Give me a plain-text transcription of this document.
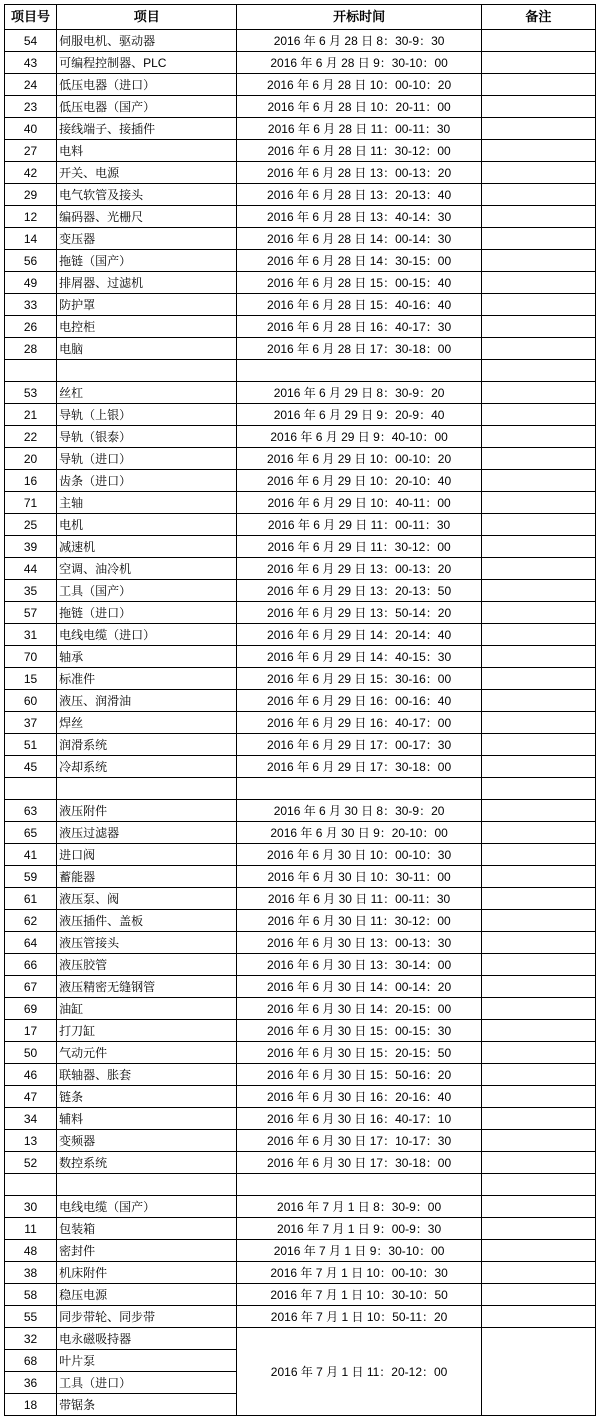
项目号	项目	开标时间	备注
54	伺服电机、驱动器	2016 年 6 月 28 日 8：30-9：30	
43	可编程控制器、PLC	2016 年 6 月 28 日 9：30-10：00	
24	低压电器（进口）	2016 年 6 月 28 日 10：00-10：20	
23	低压电器（国产）	2016 年 6 月 28 日 10：20-11：00	
40	接线端子、接插件	2016 年 6 月 28 日 11：00-11：30	
27	电料	2016 年 6 月 28 日 11：30-12：00	
42	开关、电源	2016 年 6 月 28 日 13：00-13：20	
29	电气软管及接头	2016 年 6 月 28 日 13：20-13：40	
12	编码器、光栅尺	2016 年 6 月 28 日 13：40-14：30	
14	变压器	2016 年 6 月 28 日 14：00-14：30	
56	拖链（国产）	2016 年 6 月 28 日 14：30-15：00	
49	排屑器、过滤机	2016 年 6 月 28 日 15：00-15：40	
33	防护罩	2016 年 6 月 28 日 15：40-16：40	
26	电控柜	2016 年 6 月 28 日 16：40-17：30	
28	电脑	2016 年 6 月 28 日 17：30-18：00	

53	丝杠	2016 年 6 月 29 日 8：30-9：20	
21	导轨（上银）	2016 年 6 月 29 日 9：20-9：40	
22	导轨（银泰）	2016 年 6 月 29 日 9：40-10：00	
20	导轨（进口）	2016 年 6 月 29 日 10：00-10：20	
16	齿条（进口）	2016 年 6 月 29 日 10：20-10：40	
71	主轴	2016 年 6 月 29 日 10：40-11：00	
25	电机	2016 年 6 月 29 日 11：00-11：30	
39	减速机	2016 年 6 月 29 日 11：30-12：00	
44	空调、油冷机	2016 年 6 月 29 日 13：00-13：20	
35	工具（国产）	2016 年 6 月 29 日 13：20-13：50	
57	拖链（进口）	2016 年 6 月 29 日 13：50-14：20	
31	电线电缆（进口）	2016 年 6 月 29 日 14：20-14：40	
70	轴承	2016 年 6 月 29 日 14：40-15：30	
15	标准件	2016 年 6 月 29 日 15：30-16：00	
60	液压、润滑油	2016 年 6 月 29 日 16：00-16：40	
37	焊丝	2016 年 6 月 29 日 16：40-17：00	
51	润滑系统	2016 年 6 月 29 日 17：00-17：30	
45	冷却系统	2016 年 6 月 29 日 17：30-18：00	

63	液压附件	2016 年 6 月 30 日 8：30-9：20	
65	液压过滤器	2016 年 6 月 30 日 9：20-10：00	
41	进口阀	2016 年 6 月 30 日 10：00-10：30	
59	蓄能器	2016 年 6 月 30 日 10：30-11：00	
61	液压泵、阀	2016 年 6 月 30 日 11：00-11：30	
62	液压插件、盖板	2016 年 6 月 30 日 11：30-12：00	
64	液压管接头	2016 年 6 月 30 日 13：00-13：30	
66	液压胶管	2016 年 6 月 30 日 13：30-14：00	
67	液压精密无缝钢管	2016 年 6 月 30 日 14：00-14：20	
69	油缸	2016 年 6 月 30 日 14：20-15：00	
17	打刀缸	2016 年 6 月 30 日 15：00-15：30	
50	气动元件	2016 年 6 月 30 日 15：20-15：50	
46	联轴器、胀套	2016 年 6 月 30 日 15：50-16：20	
47	链条	2016 年 6 月 30 日 16：20-16：40	
34	辅料	2016 年 6 月 30 日 16：40-17：10	
13	变频器	2016 年 6 月 30 日 17：10-17：30	
52	数控系统	2016 年 6 月 30 日 17：30-18：00	

30	电线电缆（国产）	2016 年 7 月 1 日 8：30-9：00	
11	包装箱	2016 年 7 月 1 日 9：00-9：30	
48	密封件	2016 年 7 月 1 日 9：30-10：00	
38	机床附件	2016 年 7 月 1 日 10：00-10：30	
58	稳压电源	2016 年 7 月 1 日 10：30-10：50	
55	同步带轮、同步带	2016 年 7 月 1 日 10：50-11：20	
32	电永磁吸持器	2016 年 7 月 1 日 11：20-12：00	
68	叶片泵		
36	工具（进口）		
18	带锯条		
